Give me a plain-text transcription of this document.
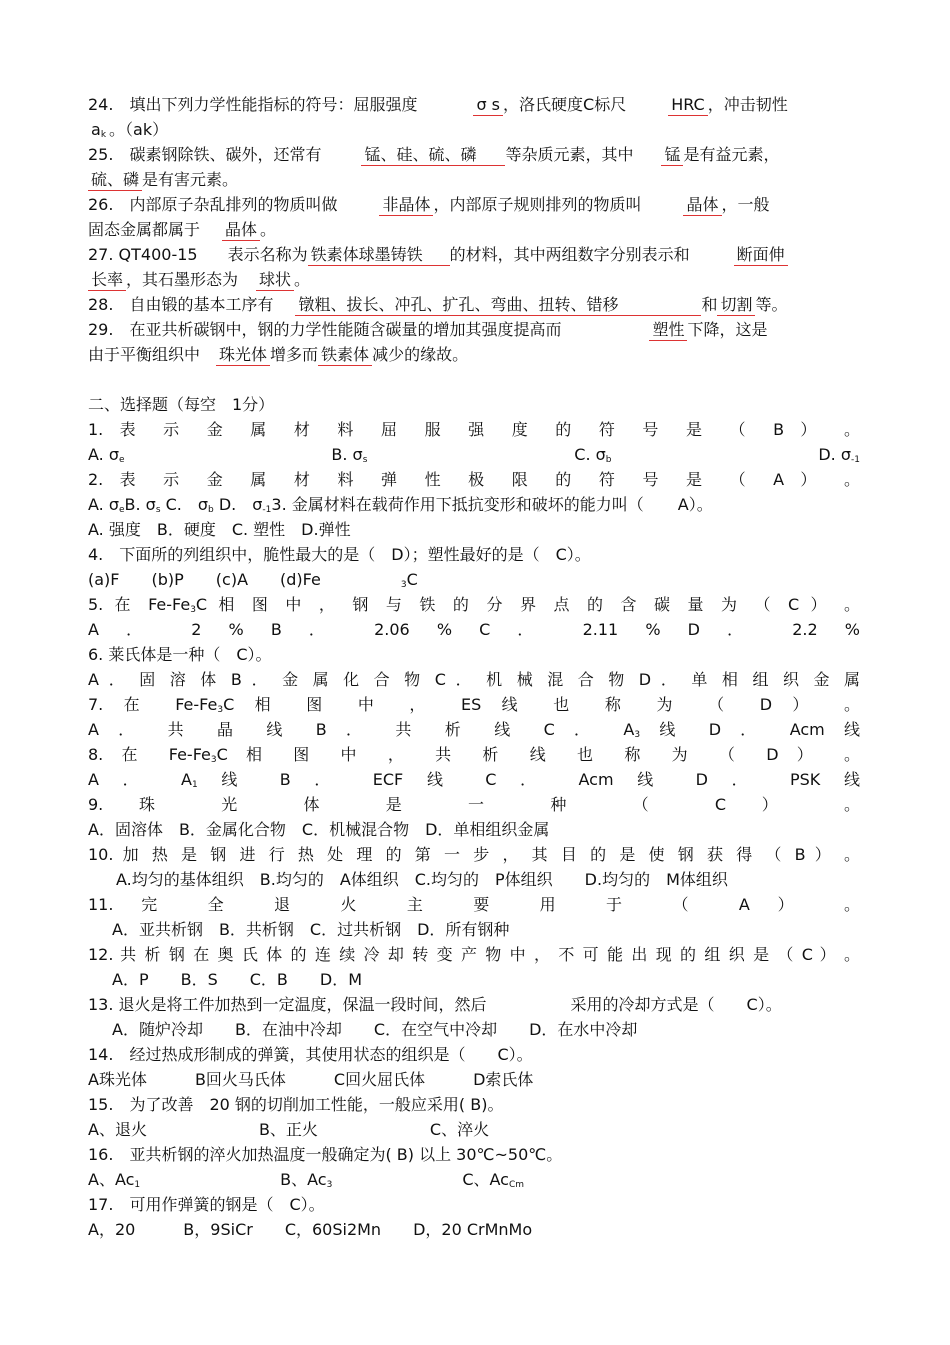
24.　填出下列力学性能指标的符号：屈服强度	σ s ，洛氏硬度C标尺	HRC ，冲击韧性
$a_k$ 。（ak）
25.　碳素钢除铁、碳外，还常有	锰、硅、硫、磷 等杂质元素，其中 锰 是有益元素，
硫、磷 是有害元素。
26.　内部原子杂乱排列的物质叫做	非晶体 ，内部原子规则排列的物质叫	晶体 ，一般
固态金属都属于 晶体 。
27. QT400-15 表示名称为 铁素体球墨铸铁 的材料，其中两组数字分别表示和	断面伸
长率 ，其石墨形态为 球状 。
28.　自由锻的基本工序有 镦粗、拔长、冲孔、扩孔、弯曲、扭转、错移	和 切割 等。
29.　在亚共析碳钢中，钢的力学性能随含碳量的增加其强度提高而	塑性 下降，这是
由于平衡组织中 珠光体 增多而 铁素体 减少的缘故。
二、选择题（每空　1分）
1. 表 示 金 属 材 料 屈 服 强 度 的 符 号 是 （ B ） 。
A. $\sigma_e$	B. $\sigma_s$	C. $\sigma_b$	D. $\sigma_{-1}$
2. 表 示 金 属 材 料 弹 性 极 限 的 符 号 是 （ A ） 。
A. $\sigma_eB$. $\sigma_s$ C.　$\sigma_b$ D.　$\sigma_{-1}3$. 金属材料在载荷作用下抵抗变形和破坏的能力叫（ A）。
A. 强度　B．硬度　C. 塑性　D.弹性
4.　下面所的列组织中，脆性最大的是（　D）；塑性最好的是（　C）。
(a)F　　(b)P　　(c)A　　(d)Fe	$_3$C
5. 在 $Fe-Fe_3C$ 相 图 中 ， 钢 与 铁 的 分 界 点 的 含 碳 量 为 （ C ） 。
A ． 2 % B ． 2.06 % C ． 2.11 % D ． 2.2 %
6. 莱氏体是一种（　C）。
A ． 固 溶 体 B ． 金 属 化 合 物 C ． 机 械 混 合 物 D ． 单 相 组 织 金 属
7. 在 $Fe-Fe_3C$ 相 图 中 ， ES 线 也 称 为 （ D ） 。
A ． 共 晶 线 B ． 共 析 线 C ． $A_3$ 线 D ． Acm 线
8. 在 $Fe-Fe_3C$ 相 图 中 ， 共 析 线 也 称 为 （ D ） 。
A ． $A_1$ 线 B ． ECF 线 C ． Acm 线 D ． PSK 线
9. 珠 光 体 是 一 种 （ C ） 。
A．固溶体　B．金属化合物　C．机械混合物　D．单相组织金属
10. 加 热 是 钢 进 行 热 处 理 的 第 一 步 ， 其 目 的 是 使 钢 获 得 （ B ） 。
A.均匀的基体组织　B.均匀的　A体组织　C.均匀的　P体组织　　D.均匀的　M体组织
11. 完 全 退 火 主 要 用 于 （ A ） 。
A．亚共析钢　B．共析钢　C．过共析钢　D．所有钢种
12. 共 析 钢 在 奥 氏 体 的 连 续 冷 却 转 变 产 物 中 ， 不 可 能 出 现 的 组 织 是 （ C ） 。
A．P　　B．S　　C．B　　D．M
13. 退火是将工件加热到一定温度，保温一段时间，然后	采用的冷却方式是（　　C）。
A．随炉冷却　　B．在油中冷却　　C．在空气中冷却　　D．在水中冷却
14.　经过热成形制成的弹簧，其使用状态的组织是（　　C）。
A珠光体　　　B回火马氏体　　　C回火屈氏体　　　D索氏体
15.　为了改善　20 钢的切削加工性能，一般应采用( B)。
A、退火　　　　　　　B、正火　　　　　　　C、淬火
16.　亚共析钢的淬火加热温度一般确定为( B) 以上 30℃~50℃。
A、$Ac_1$	B、$Ac_3$	C、$Ac_{Cm}$
17.　可用作弹簧的钢是（　C）。
A，20　　　B，9SiCr　　C，60Si2Mn　　D，20 CrMnMo
